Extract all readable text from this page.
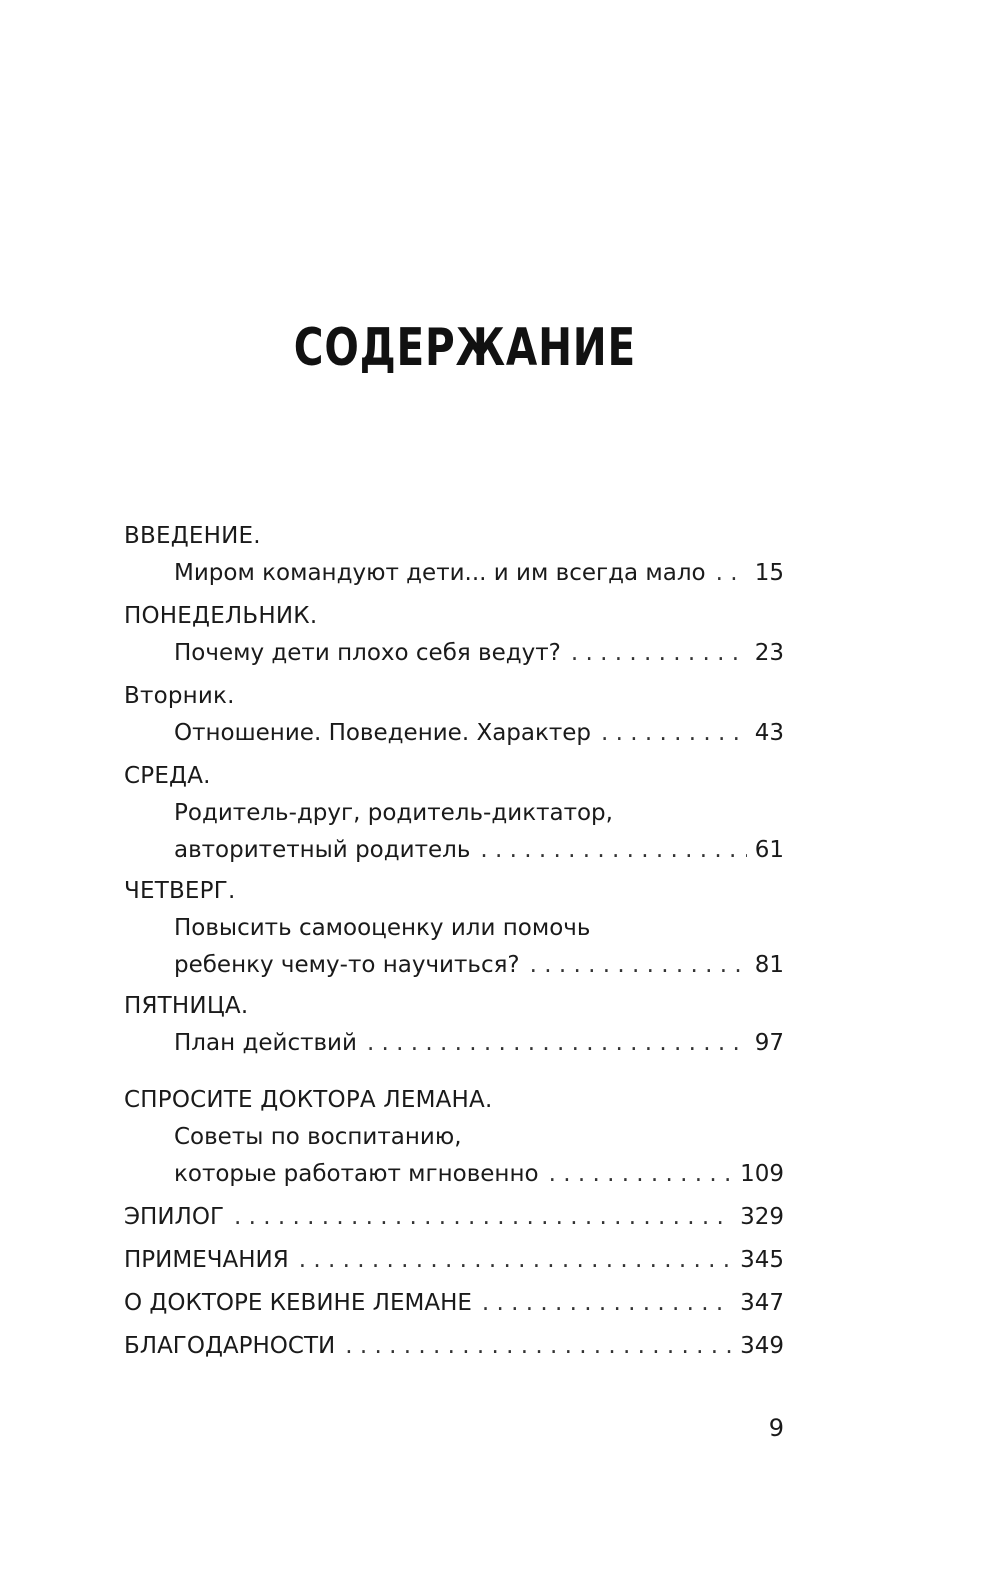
СОДЕРЖАНИЕ
ВВЕДЕНИЕ.
Миром командуют дети... и им всегда мало . . . 15
ПОНЕДЕЛЬНИК.
Почему дети плохо себя ведут? . . .	23
Вторник.
Отношение. Поведение. Характер . . .	43
СРЕДА.
Родитель-друг, родитель-диктатор,
авторитетный родитель . . .	61
ЧЕТВЕРГ.
Повысить самооценку или помочь
ребенку чему-то научиться? . . .	81
ПЯТНИЦА.
План действий . . .	97
СПРОСИТЕ ДОКТОРА ЛЕМАНА.
Советы по воспитанию,
которые работают мгновенно . . .	109
ЭПИЛОГ . . .	329
ПРИМЕЧАНИЯ . . .	345
О ДОКТОРЕ КЕВИНЕ ЛЕМАНЕ . . .	347
БЛАГОДАРНОСТИ . . .	349
9
